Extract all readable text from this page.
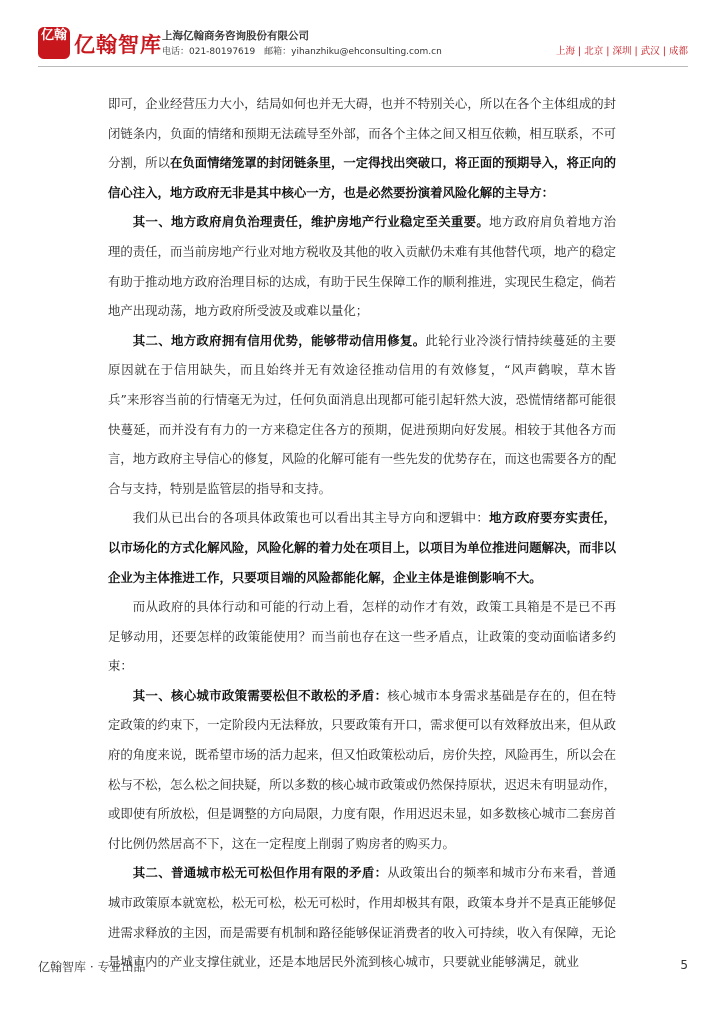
亿翰 亿翰智库 上海亿翰商务咨询股份有限公司
电话：021-80197619 邮箱：yihanzhiku@ehconsulting.com.cn	上海 | 北京 | 深圳 | 武汉 | 成都

即可，企业经营压力大小，结局如何也并无大碍，也并不特别关心，所以在各个主体组成的封闭链条内，负面的情绪和预期无法疏导至外部，而各个主体之间又相互依赖，相互联系，不可分割，所以在负面情绪笼罩的封闭链条里，一定得找出突破口，将正面的预期导入，将正向的信心注入，地方政府无非是其中核心一方，也是必然要扮演着风险化解的主导方：

其一、地方政府肩负治理责任，维护房地产行业稳定至关重要。地方政府肩负着地方治理的责任，而当前房地产行业对地方税收及其他的收入贡献仍未难有其他替代项，地产的稳定有助于推动地方政府治理目标的达成，有助于民生保障工作的顺利推进，实现民生稳定，倘若地产出现动荡，地方政府所受波及或难以量化；

其二、地方政府拥有信用优势，能够带动信用修复。此轮行业冷淡行情持续蔓延的主要原因就在于信用缺失，而且始终并无有效途径推动信用的有效修复，“风声鹤唳，草木皆兵”来形容当前的行情毫无为过，任何负面消息出现都可能引起轩然大波，恐慌情绪都可能很快蔓延，而并没有有力的一方来稳定住各方的预期，促进预期向好发展。相较于其他各方而言，地方政府主导信心的修复，风险的化解可能有一些先发的优势存在，而这也需要各方的配合与支持，特别是监管层的指导和支持。

我们从已出台的各项具体政策也可以看出其主导方向和逻辑中：地方政府要夯实责任，以市场化的方式化解风险，风险化解的着力处在项目上，以项目为单位推进问题解决，而非以企业为主体推进工作，只要项目端的风险都能化解，企业主体是谁倒影响不大。

而从政府的具体行动和可能的行动上看，怎样的动作才有效，政策工具箱是不是已不再足够动用，还要怎样的政策能使用？而当前也存在这一些矛盾点，让政策的变动面临诸多约束：

其一、核心城市政策需要松但不敢松的矛盾：核心城市本身需求基础是存在的，但在特定政策的约束下，一定阶段内无法释放，只要政策有开口，需求便可以有效释放出来，但从政府的角度来说，既希望市场的活力起来，但又怕政策松动后，房价失控，风险再生，所以会在松与不松，怎么松之间抉疑，所以多数的核心城市政策或仍然保持原状，迟迟未有明显动作，或即使有所放松，但是调整的方向局限，力度有限，作用迟迟未显，如多数核心城市二套房首付比例仍然居高不下，这在一定程度上削弱了购房者的购买力。

其二、普通城市松无可松但作用有限的矛盾：从政策出台的频率和城市分布来看，普通城市政策原本就宽松，松无可松，松无可松时，作用却极其有限，政策本身并不是真正能够促进需求释放的主因，而是需要有机制和路径能够保证消费者的收入可持续，收入有保障，无论是城市内的产业支撑住就业，还是本地居民外流到核心城市，只要就业能够满足，就业

亿翰智库 · 专业出品	5
